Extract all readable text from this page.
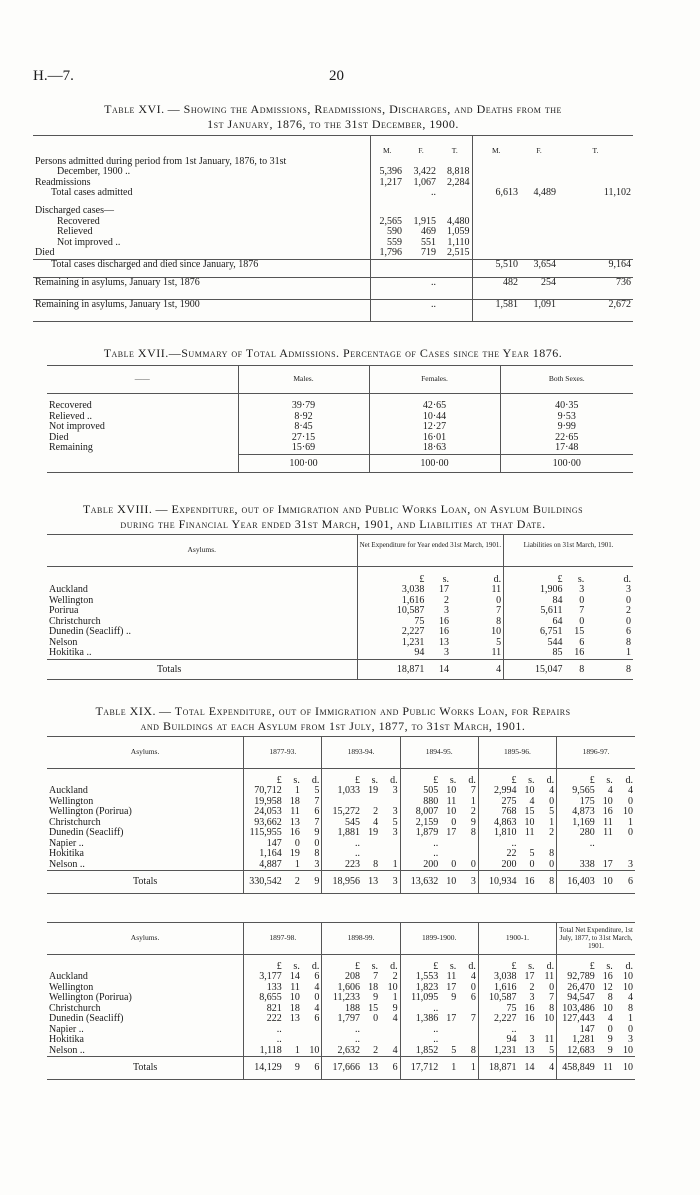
H.—7.	20
Table XVI. — Showing the Admissions, Readmissions, Discharges, and Deaths from the
1st January, 1876, to the 31st December, 1900.
	M.	F.	T.	M.	F.	T.
Persons admitted during period from 1st January, 1876, to 31st						
December, 1900 ..	5,396	3,422	8,818			
Readmissions	1,217	1,067	2,284			
Total cases admitted		..		6,613	4,489	11,102
Discharged cases—						
Recovered	2,565	1,915	4,480			
Relieved	590	469	1,059			
Not improved ..	559	551	1,110			
Died	1,796	719	2,515			
Total cases discharged and died since January, 1876				5,510	3,654	9,164
Remaining in asylums, January 1st, 1876		..		482	254	736
Remaining in asylums, January 1st, 1900		..		1,581	1,091	2,672
Table XVII.—Summary of Total Admissions. Percentage of Cases since the Year 1876.
——	Males.	Females.	Both Sexes.

Recovered	39·79	42·65	40·35
Relieved ..	8·92	10·44	9·53
Not improved	8·45	12·27	9·99
Died	27·15	16·01	22·65
Remaining	15·69	18·63	17·48
	100·00	100·00	100·00
Table XVIII. — Expenditure, out of Immigration and Public Works Loan, on Asylum Buildings
during the Financial Year ended 31st March, 1901, and Liabilities at that Date.
Asylums.	Net Expenditure for Year ended 31st March, 1901.			Liabilities on 31st March, 1901.		
	£	s.	d.	£	s.	d.
Auckland	3,038	17	11	1,906	3	3
Wellington	1,616	2	0	84	0	0
Porirua	10,587	3	7	5,611	7	2
Christchurch	75	16	8	64	0	0
Dunedin (Seacliff) ..	2,227	16	10	6,751	15	6
Nelson	1,231	13	5	544	6	8
Hokitika ..	94	3	11	85	16	1
Totals	18,871	14	4	15,047	8	8
Table XIX. — Total Expenditure, out of Immigration and Public Works Loan, for Repairs
and Buildings at each Asylum from 1st July, 1877, to 31st March, 1901.
Asylums.	1877-93.			1893-94.			1894-95.			1895-96.			1896-97.		
	£	s.	d.	£	s.	d.	£	s.	d.	£	s.	d.	£	s.	d.
Auckland	70,712	1	5	1,033	19	3	505	10	7	2,994	10	4	9,565	4	4
Wellington	19,958	18	7				880	11	1	275	4	0	175	10	0
Wellington (Porirua)	24,053	11	6	15,272	2	3	8,007	10	2	768	15	5	4,873	16	10
Christchurch	93,662	13	7	545	4	5	2,159	0	9	4,863	10	1	1,169	11	1
Dunedin (Seacliff)	115,955	16	9	1,881	19	3	1,879	17	8	1,810	11	2	280	11	0
Napier ..	147	0	0	..			..			..			..		
Hokitika	1,164	19	8	..			..			22	5	8			
Nelson ..	4,887	1	3	223	8	1	200	0	0	200	0	0	338	17	3
Totals	330,542	2	9	18,956	13	3	13,632	10	3	10,934	16	8	16,403	10	6
Asylums.	1897-98.			1898-99.			1899-1900.			1900-1.			Total Net Expenditure, 1st July, 1877, to 31st March, 1901.		
	£	s.	d.	£	s.	d.	£	s.	d.	£	s.	d.	£	s.	d.
Auckland	3,177	14	6	208	7	2	1,553	11	4	3,038	17	11	92,789	16	10
Wellington	133	11	4	1,606	18	10	1,823	17	0	1,616	2	0	26,470	12	10
Wellington (Porirua)	8,655	10	0	11,233	9	1	11,095	9	6	10,587	3	7	94,547	8	4
Christchurch	821	18	4	188	15	9	..			75	16	8	103,486	10	8
Dunedin (Seacliff)	222	13	6	1,797	0	4	1,386	17	7	2,227	16	10	127,443	4	1
Napier ..	..			..			..			..			147	0	0
Hokitika	..			..			..			94	3	11	1,281	9	3
Nelson ..	1,118	1	10	2,632	2	4	1,852	5	8	1,231	13	5	12,683	9	10
Totals	14,129	9	6	17,666	13	6	17,712	1	1	18,871	14	4	458,849	11	10
